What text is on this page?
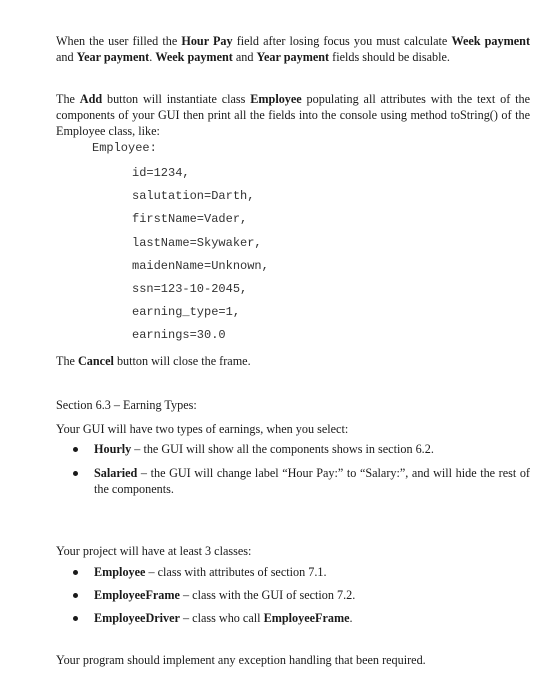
When the user filled the Hour Pay field after losing focus you must calculate Week payment and Year payment. Week payment and Year payment fields should be disable.

The Add button will instantiate class Employee populating all attributes with the text of the components of your GUI then print all the fields into the console using method toString() of the Employee class, like:

Employee:
id=1234,
salutation=Darth,
firstName=Vader,
lastName=Skywaker,
maidenName=Unknown,
ssn=123-10-2045,
earning_type=1,
earnings=30.0

The Cancel button will close the frame.

Section 6.3 – Earning Types:

Your GUI will have two types of earnings, when you select:

Hourly – the GUI will show all the components shows in section 6.2.
Salaried – the GUI will change label “Hour Pay:” to “Salary:”, and will hide the rest of the components.

Your project will have at least 3 classes:

Employee – class with attributes of section 7.1.
EmployeeFrame – class with the GUI of section 7.2.
EmployeeDriver – class who call EmployeeFrame.

Your program should implement any exception handling that been required.
